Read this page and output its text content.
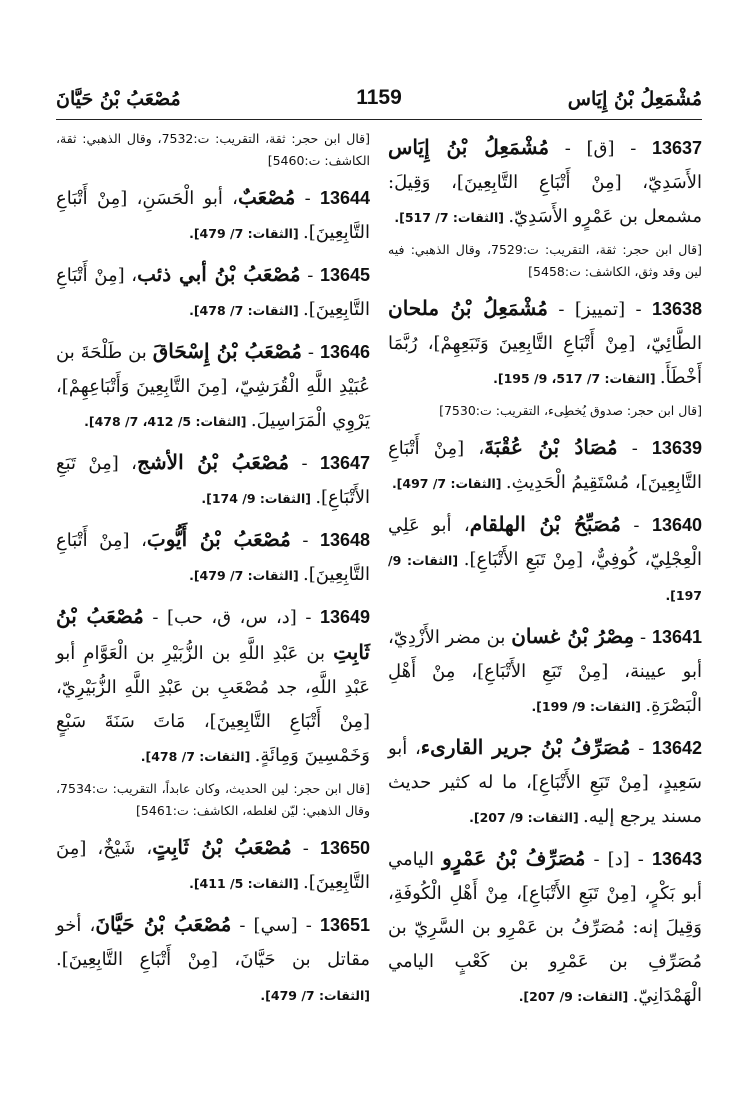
مُشْمَعِلُ بْنُ إِيَاس
1159
مُصْعَبُ بْنُ حَيَّانَ
13637 - [ق] - مُشْمَعِلُ بْنُ إِيَاس الأَسَدِيّ، [مِنْ أَتْبَاعِ التَّابِعِينَ]، وَقِيلَ: مشمعل بن عَمْرٍو الأَسَدِيّ. [الثقات: 7/ 517].
[قال ابن حجر: ثقة، التقريب: ت:7529، وقال الذهبي: فيه لين وقد وثق، الكاشف: ت:5458]
13638 - [تمييز] - مُشْمَعِلُ بْنُ ملحان الطَّائِيّ، [مِنْ أَتْبَاعِ التَّابِعِينَ وَتَبَعِهِمْ]، رُبَّمَا أَخْطَأَ. [الثقات: 7/ 517، 9/ 195].
[قال ابن حجر: صدوق يُخطِىء، التقريب: ت:7530]
13639 - مُصَادُ بْنُ عُقْبَةَ، [مِنْ أَتْبَاعِ التَّابِعِينَ]، مُسْتَقِيمُ الْحَدِيثِ. [الثقات: 7/ 497].
13640 - مُصَبِّحُ بْنُ الهلقام، أبو عَلِي الْعِجْلِيّ، كُوفِيٌّ، [مِنْ تَبَعِ الأَتْبَاعِ]. [الثقات: 9/ 197].
13641 - مِصْرُ بْنُ غسان بن مضر الأَزْدِيّ، أبو عيينة، [مِنْ تَبَعِ الأَتْبَاعِ]، مِنْ أَهْلِ الْبَصْرَةِ. [الثقات: 9/ 199].
13642 - مُصَرِّفُ بْنُ جرير القارىء، أبو سَعِيدٍ، [مِنْ تَبَعِ الأَتْبَاعِ]، ما له كثير حديث مسند يرجع إليه. [الثقات: 9/ 207].
13643 - [د] - مُصَرِّفُ بْنُ عَمْرٍو اليامي أبو بَكْرٍ، [مِنْ تَبَعِ الأَتْبَاعِ]، مِنْ أَهْلِ الْكُوفَةِ، وَقِيلَ إنه: مُصَرِّفُ بن عَمْرِو بن السَّرِيّ بن مُصَرِّفِ بن عَمْرِو بن كَعْبٍ اليامي الْهَمْدَانِيّ. [الثقات: 9/ 207].
[قال ابن حجر: ثقة، التقريب: ت:7532، وقال الذهبي: ثقة، الكاشف: ت:5460]
13644 - مُصْعَبٌ، أبو الْحَسَنِ، [مِنْ أَتْبَاعِ التَّابِعِينَ]. [الثقات: 7/ 479].
13645 - مُصْعَبُ بْنُ أبي ذئب، [مِنْ أَتْبَاعِ التَّابِعِينَ]. [الثقات: 7/ 478].
13646 - مُصْعَبُ بْنُ إِسْحَاقَ بن طَلْحَةَ بن عُبَيْدِ اللَّهِ الْقُرَشِيّ، [مِنَ التَّابِعِينَ وَأَتْبَاعِهِمْ]، يَرْوِي الْمَرَاسِيلَ. [الثقات: 5/ 412، 7/ 478].
13647 - مُصْعَبُ بْنُ الأشج، [مِنْ تَبَعِ الأَتْبَاعِ]. [الثقات: 9/ 174].
13648 - مُصْعَبُ بْنُ أَيُّوبَ، [مِنْ أَتْبَاعِ التَّابِعِينَ]. [الثقات: 7/ 479].
13649 - [د، س، ق، حب] - مُصْعَبُ بْنُ ثَابِتِ بن عَبْدِ اللَّهِ بن الزُّبَيْرِ بن الْعَوَّامِ أبو عَبْدِ اللَّهِ، جد مُصْعَبِ بن عَبْدِ اللَّهِ الزُّبَيْرِيّ، [مِنْ أَتْبَاعِ التَّابِعِينَ]، مَاتَ سَنَةَ سَبْعٍ وَخَمْسِينَ وَمِائَةٍ. [الثقات: 7/ 478].
[قال ابن حجر: لين الحديث، وكان عابداً، التقريب: ت:7534، وقال الذهبي: ليّن لغلطه، الكاشف: ت:5461]
13650 - مُصْعَبُ بْنُ ثَابِتٍ، شَيْخٌ، [مِنَ التَّابِعِينَ]. [الثقات: 5/ 411].
13651 - [سي] - مُصْعَبُ بْنُ حَيَّانَ، أخو مقاتل بن حَيَّانَ، [مِنْ أَتْبَاعِ التَّابِعِينَ]. [الثقات: 7/ 479].
